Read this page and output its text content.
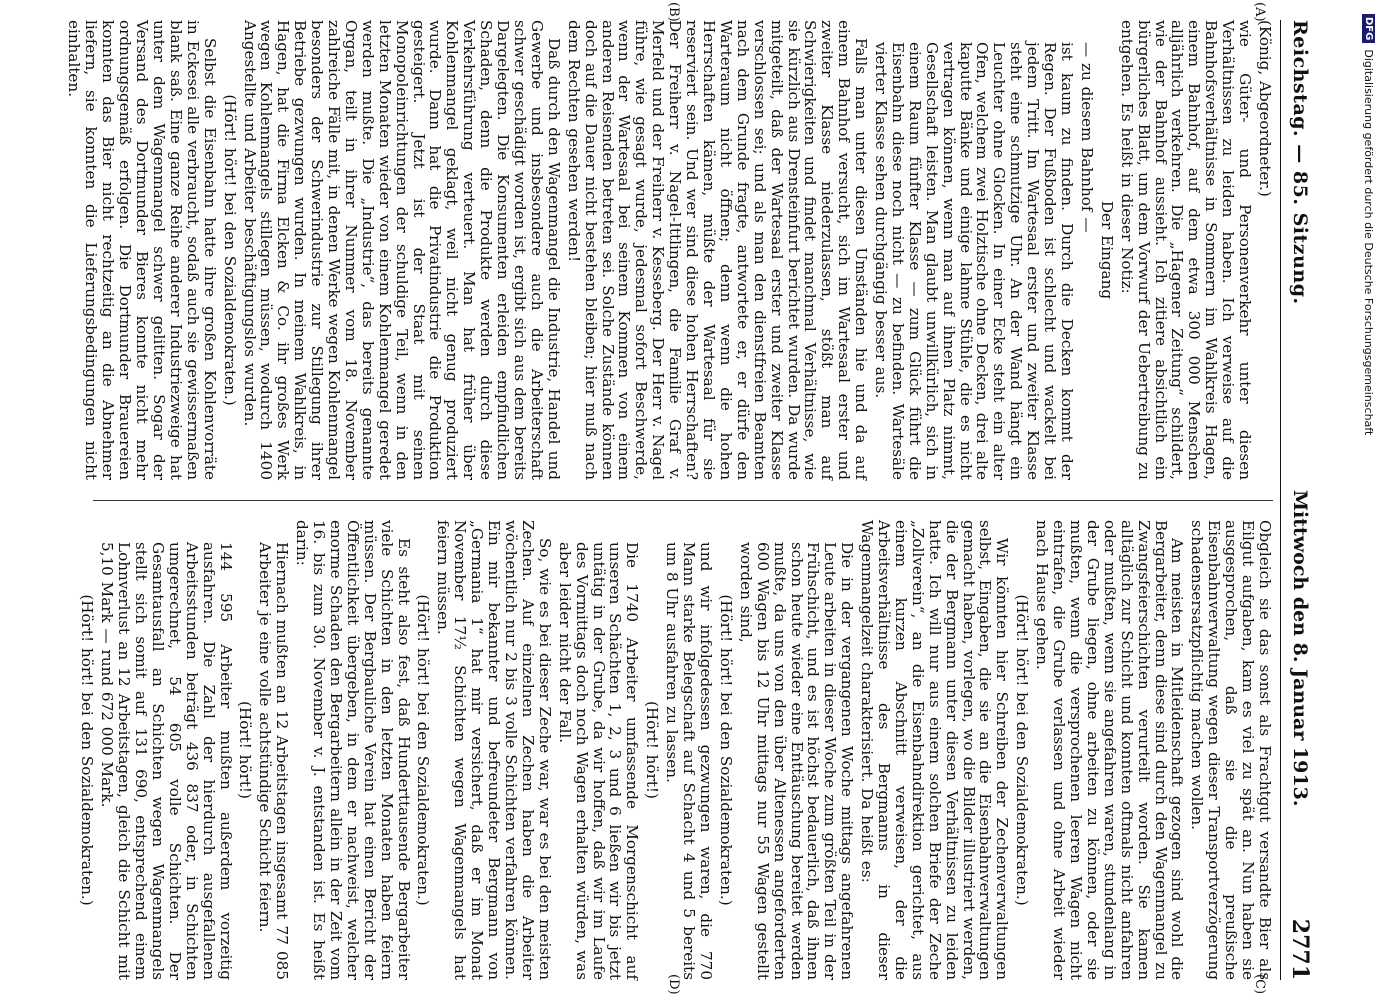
Reichstag. — 85. Sitzung.
Mittwoch den 8. Januar 1913.
2771
(A)
(B)
(C)
(D)

(König, Abgeordneter.)

wie Güter- und Personenverkehr unter diesen Verhältnissen zu leiden haben. Ich verweise auf die Bahnhofsverhältnisse in Sommern im Wahlkreis Hagen, einem Bahnhof, auf dem etwa 300 000 Menschen alljährlich verkehren. Die „Hagener Zeitung“ schildert, wie der Bahnhof aussieht. Ich zitiere absichtlich ein bürgerliches Blatt, um dem Vorwurf der Uebertreibung zu entgehen. Es heißt in dieser Notiz:

Der Eingang

— zu diesem Bahnhof —

ist kaum zu finden. Durch die Decken kommt der Regen. Der Fußboden ist schlecht und wackelt bei jedem Tritt. Im Wartesaal erster und zweiter Klasse steht eine schmutzige Uhr. An der Wand hängt ein Leuchter ohne Glocken. In einer Ecke steht ein alter Ofen, welchem zwei Holztische ohne Decken, drei alte kaputte Bänke und einige lahme Stühle, die es nicht vertragen können, wenn man auf ihnen Platz nimmt, Gesellschaft leisten. Man glaubt unwillkürlich, sich in einem Raum fünfter Klasse — zum Glück führt die Eisenbahn diese noch nicht — zu befinden. Wartesäle vierter Klasse sehen durchgängig besser aus.

Falls man unter diesen Umständen hie und da auf einem Bahnhof versucht, sich im Wartesaal erster und zweiter Klasse niederzulassen, stößt man auf Schwierigkeiten und findet manchmal Verhältnisse, wie sie kürzlich aus Drensteinfurt berichtet wurden. Da wurde mitgeteilt, daß der Wartesaal erster und zweiter Klasse verschlossen sei; und als man den dienstfreien Beamten nach dem Grunde fragte, antwortete er, er dürfe den Warteraum nicht öffnen; denn wenn die hohen Herrschaften kämen, müßte der Wartesaal für sie reserviert sein. Und wer sind diese hohen Herrschaften? Der Freiherr v. Nagel-Ittlingen, die Familie Graf v. Merfeld und der Freiherr v. Kesseberg. Der Herr v. Nagel führe, wie gesagt wurde, jedesmal sofort Beschwerde, wenn der Wartesaal bei seinem Kommen von einem anderen Reisenden betreten sei. Solche Zustände können doch auf die Dauer nicht bestehen bleiben; hier muß nach dem Rechten gesehen werden!

Daß durch den Wagenmangel die Industrie, Handel und Gewerbe und insbesondere auch die Arbeiterschaft schwer geschädigt worden ist, ergibt sich aus dem bereits Dargelegten. Die Konsumenten erleiden empfindlichen Schaden, denn die Produkte werden durch diese Verkehrsführung verteuert. Man hat früher über Kohlenmangel geklagt, weil nicht genug produziert wurde. Dann hat die Privatindustrie die Produktion gesteigert. Jetzt ist der Staat mit seinen Monopoleinrichtungen der schuldige Teil, wenn in den letzten Monaten wieder von einem Kohlenmangel geredet werden mußte. Die „Industrie“, das bereits genannte Organ, teilt in ihrer Nummer vom 18. November zahlreiche Fälle mit, in denen Werke wegen Kohlenmangel besonders der Schwerindustrie zur Stillegung ihrer Betriebe gezwungen wurden. In meinem Wahlkreis, in Hagen, hat die Firma Elcken & Co. ihr großes Werk wegen Kohlenmangels stillegen müssen, wodurch 1400 Angestellte und Arbeiter beschäftigungslos wurden.

(Hört! hört! bei den Sozialdemokraten.)

Selbst die Eisenbahn hatte ihre großen Kohlenvorräte in Eckesei alle verbraucht, sodaß auch sie gewissermaßen blank saß. Eine ganze Reihe anderer Industriezweige hat unter dem Wagenmangel schwer gelitten. Sogar der Versand des Dortmunder Bieres konnte nicht mehr ordnungsgemäß erfolgen. Die Dortmunder Brauereien konnten das Bier nicht rechtzeitig an die Abnehmer liefern, sie konnten die Lieferungsbedingungen nicht einhalten.

Obgleich sie das sonst als Frachtgut versandte Bier als Eilgut aufgaben, kam es viel zu spät an. Nun haben sie ausgesprochen, daß sie die preußische Eisenbahnverwaltung wegen dieser Transportverzögerung schadensersatzpflichtig machen wollen.

Am meisten in Mitleidenschaft gezogen sind wohl die Bergarbeiter, denn diese sind durch den Wagenmangel zu Zwangsfeierschichten verurteilt worden. Sie kamen alltäglich zur Schicht und konnten oftmals nicht anfahren oder mußten, wenn sie angefahren waren, stundenlang in der Grube liegen, ohne arbeiten zu können, oder sie mußten, wenn die versprochenen leeren Wagen nicht eintrafen, die Grube verlassen und ohne Arbeit wieder nach Hause gehen.

(Hört! hört! bei den Sozialdemokraten.)

Wir könnten hier Schreiben der Zechenverwaltungen selbst, Eingaben, die sie an die Eisenbahnverwaltungen gemacht haben, vorlegen, wo die Bilder illustriert werden, die der Bergmann unter diesen Verhältnissen zu leiden hatte. Ich will nur aus einem solchen Briefe der Zeche „Zollverein“, an die Eisenbahndirektion gerichtet, aus einem kurzen Abschnitt verweisen, der die Arbeitsverhältnisse des Bergmanns in dieser Wagenmangelzeit charakterisiert. Da heißt es:

Die in der vergangenen Woche mittags angefahrenen Leute arbeiten in dieser Woche zum größten Teil in der Frühschicht, und es ist höchst bedauerlich, daß ihnen schon heute wieder eine Enttäuschung bereitet werden mußte, da uns von den über Altenessen angeforderten 600 Wagen bis 12 Uhr mittags nur 55 Wagen gestellt worden sind,

(Hört! hört! bei den Sozialdemokraten.)

und wir infolgedessen gezwungen waren, die 770 Mann starke Belegschaft auf Schacht 4 und 5 bereits um 8 Uhr ausfahren zu lassen.

(Hört! hört!)

Die 1740 Arbeiter umfassende Morgenschicht auf unseren Schächten 1, 2, 3 und 6 ließen wir bis jetzt untätig in der Grube, da wir hoffen, daß wir im Laufe des Vormittags doch noch Wagen erhalten würden, was aber leider nicht der Fall.

So, wie es bei dieser Zeche war, war es bei den meisten Zechen. Auf einzelnen Zechen haben die Arbeiter wöchentlich nur 2 bis 3 volle Schichten verfahren können. Ein mir bekannter und befreundeter Bergmann von „Germania 1“ hat mir versichert, daß er im Monat November 17½ Schichten wegen Wagenmangels hat feiern müssen.

(Hört! hört! bei den Sozialdemokraten.)

Es steht also fest, daß Hunderttausende Bergarbeiter viele Schichten in den letzten Monaten haben feiern müssen. Der Bergbauliche Verein hat einen Bericht der Öffentlichkeit übergeben, in dem er nachweist, welcher enorme Schaden den Bergarbeitern allein in der Zeit vom 16. bis zum 30. November v. J. entstanden ist. Es heißt darin:

Hiernach mußten an 12 Arbeitstagen insgesamt 77 085 Arbeiter je eine volle achtstündige Schicht feiern.

(Hört! hört!)

144 595 Arbeiter mußten außerdem vorzeitig ausfahren. Die Zahl der hierdurch ausgefallenen Arbeitsstunden beträgt 436 837 oder, in Schichten umgerechnet, 54 605 volle Schichten. Der Gesamtausfall an Schichten wegen Wagenmangels stellt sich somit auf 131 690, entsprechend einem Lohnverlust an 12 Arbeitstagen, gleich die Schicht mit 5,10 Mark — rund 672 000 Mark.

(Hört! hört! bei den Sozialdemokraten.)

DFG
Digitalisierung gefördert durch die Deutsche Forschungsgemeinschaft
